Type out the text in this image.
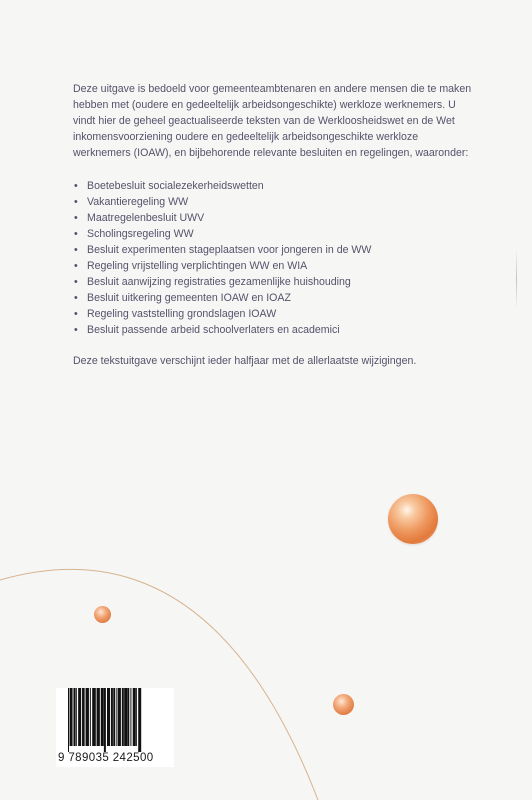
Deze uitgave is bedoeld voor gemeenteambtenaren en andere mensen die te maken hebben met (oudere en gedeeltelijk arbeidsongeschikte) werkloze werknemers. U vindt hier de geheel geactualiseerde teksten van de Werkloosheidswet en de Wet inkomensvoorziening oudere en gedeeltelijk arbeidsongeschikte werkloze werknemers (IOAW), en bijbehorende relevante besluiten en regelingen, waaronder:

• Boetebesluit socialezekerheidswetten
• Vakantieregeling WW
• Maatregelenbesluit UWV
• Scholingsregeling WW
• Besluit experimenten stageplaatsen voor jongeren in de WW
• Regeling vrijstelling verplichtingen WW en WIA
• Besluit aanwijzing registraties gezamenlijke huishouding
• Besluit uitkering gemeenten IOAW en IOAZ
• Regeling vaststelling grondslagen IOAW
• Besluit passende arbeid schoolverlaters en academici

Deze tekstuitgave verschijnt ieder halfjaar met de allerlaatste wijzigingen.

9 789035 242500
